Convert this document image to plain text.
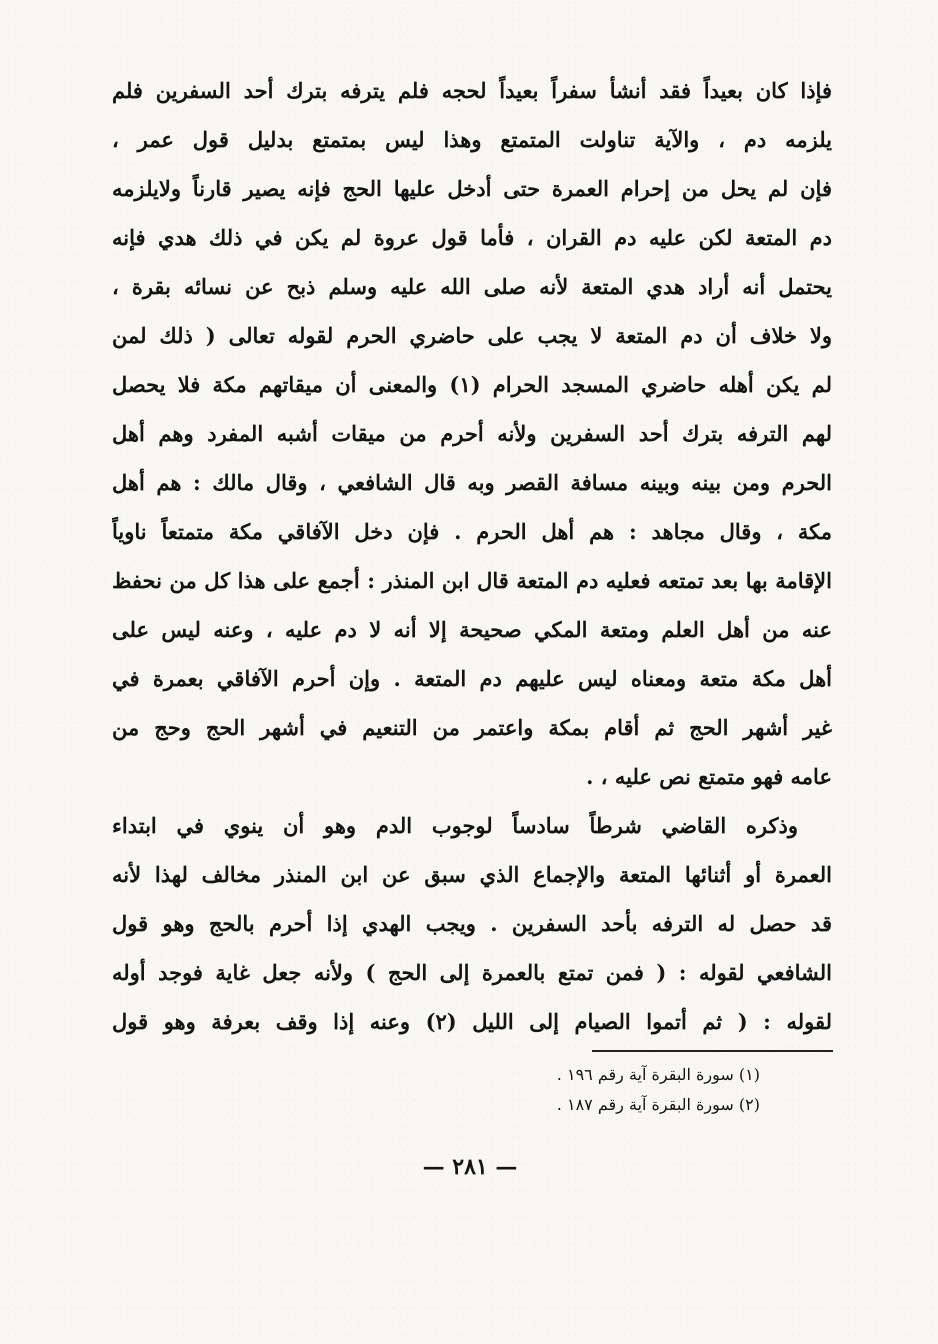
فإذا كان بعيداً فقد أنشأ سفراً بعيداً لحجه فلم يترفه بترك أحد السفرين فلم
يلزمه دم ، والآية تناولت المتمتع وهذا ليس بمتمتع بدليل قول عمر ،
فإن لم يحل من إحرام العمرة حتى أدخل عليها الحج فإنه يصير قارناً ولايلزمه
دم المتعة لكن عليه دم القران ، فأما قول عروة لم يكن في ذلك هدي فإنه
يحتمل أنه أراد هدي المتعة لأنه صلى الله عليه وسلم ذبح عن نسائه بقرة ،
ولا خلاف أن دم المتعة لا يجب على حاضري الحرم لقوله تعالى ( ذلك لمن
لم يكن أهله حاضري المسجد الحرام (١) والمعنى أن ميقاتهم مكة فلا يحصل
لهم الترفه بترك أحد السفرين ولأنه أحرم من ميقات أشبه المفرد وهم أهل
الحرم ومن بينه وبينه مسافة القصر وبه قال الشافعي ، وقال مالك : هم أهل
مكة ، وقال مجاهد : هم أهل الحرم . فإن دخل الآفاقي مكة متمتعاً ناوياً
الإقامة بها بعد تمتعه فعليه دم المتعة قال ابن المنذر : أجمع على هذا كل من نحفظ
عنه من أهل العلم ومتعة المكي صحيحة إلا أنه لا دم عليه ، وعنه ليس على
أهل مكة متعة ومعناه ليس عليهم دم المتعة . وإن أحرم الآفاقي بعمرة في
غير أشهر الحج ثم أقام بمكة واعتمر من التنعيم في أشهر الحج وحج من
عامه فهو متمتع نص عليه ، .
وذكره القاضي شرطاً سادساً لوجوب الدم وهو أن ينوي في ابتداء
العمرة أو أثنائها المتعة والإجماع الذي سبق عن ابن المنذر مخالف لهذا لأنه
قد حصل له الترفه بأحد السفرين . ويجب الهدي إذا أحرم بالحج وهو قول
الشافعي لقوله : ( فمن تمتع بالعمرة إلى الحج ) ولأنه جعل غاية فوجد أوله
لقوله : ( ثم أتموا الصيام إلى الليل (٢) وعنه إذا وقف بعرفة وهو قول
(١) سورة البقرة آية رقم ١٩٦ .
(٢) سورة البقرة آية رقم ١٨٧ .
— ٢٨١ —
